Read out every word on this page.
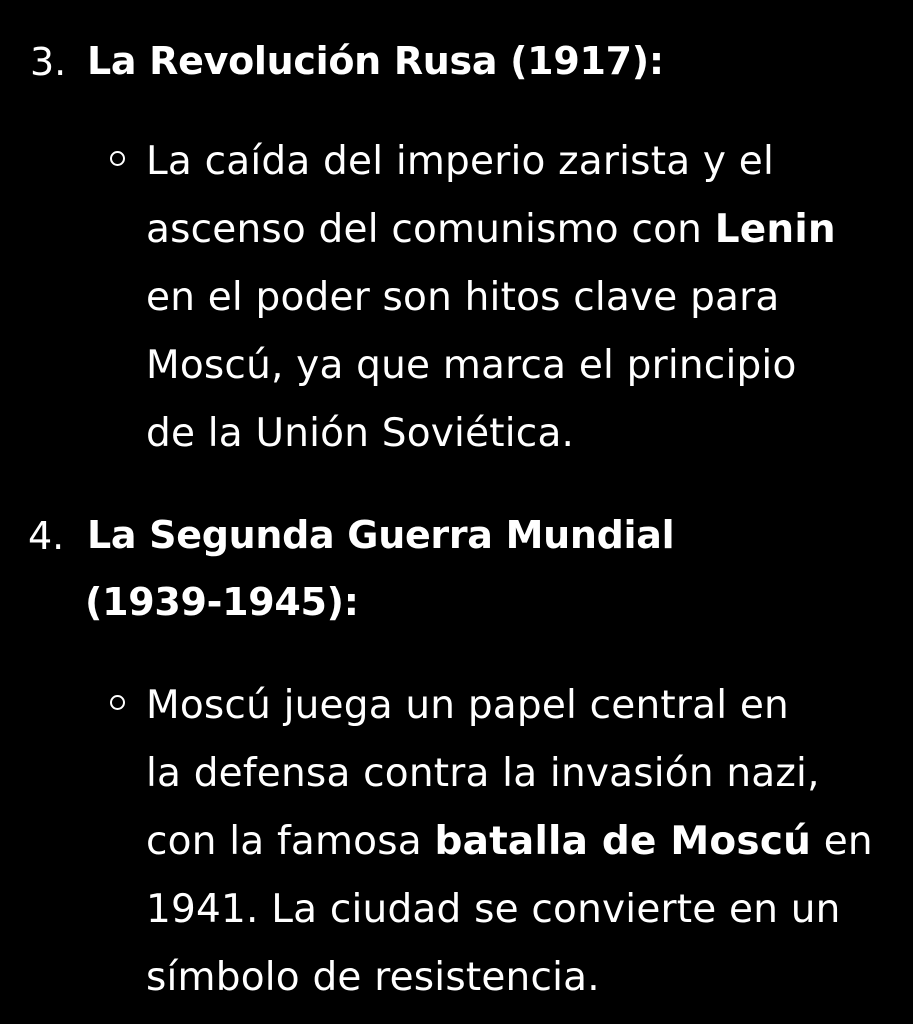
3. La Revolución Rusa (1917):
La caída del imperio zarista y el
ascenso del comunismo con Lenin
en el poder son hitos clave para
Moscú, ya que marca el principio
de la Unión Soviética.
4. La Segunda Guerra Mundial
(1939-1945):
Moscú juega un papel central en
la defensa contra la invasión nazi,
con la famosa batalla de Moscú en
1941. La ciudad se convierte en un
símbolo de resistencia.
